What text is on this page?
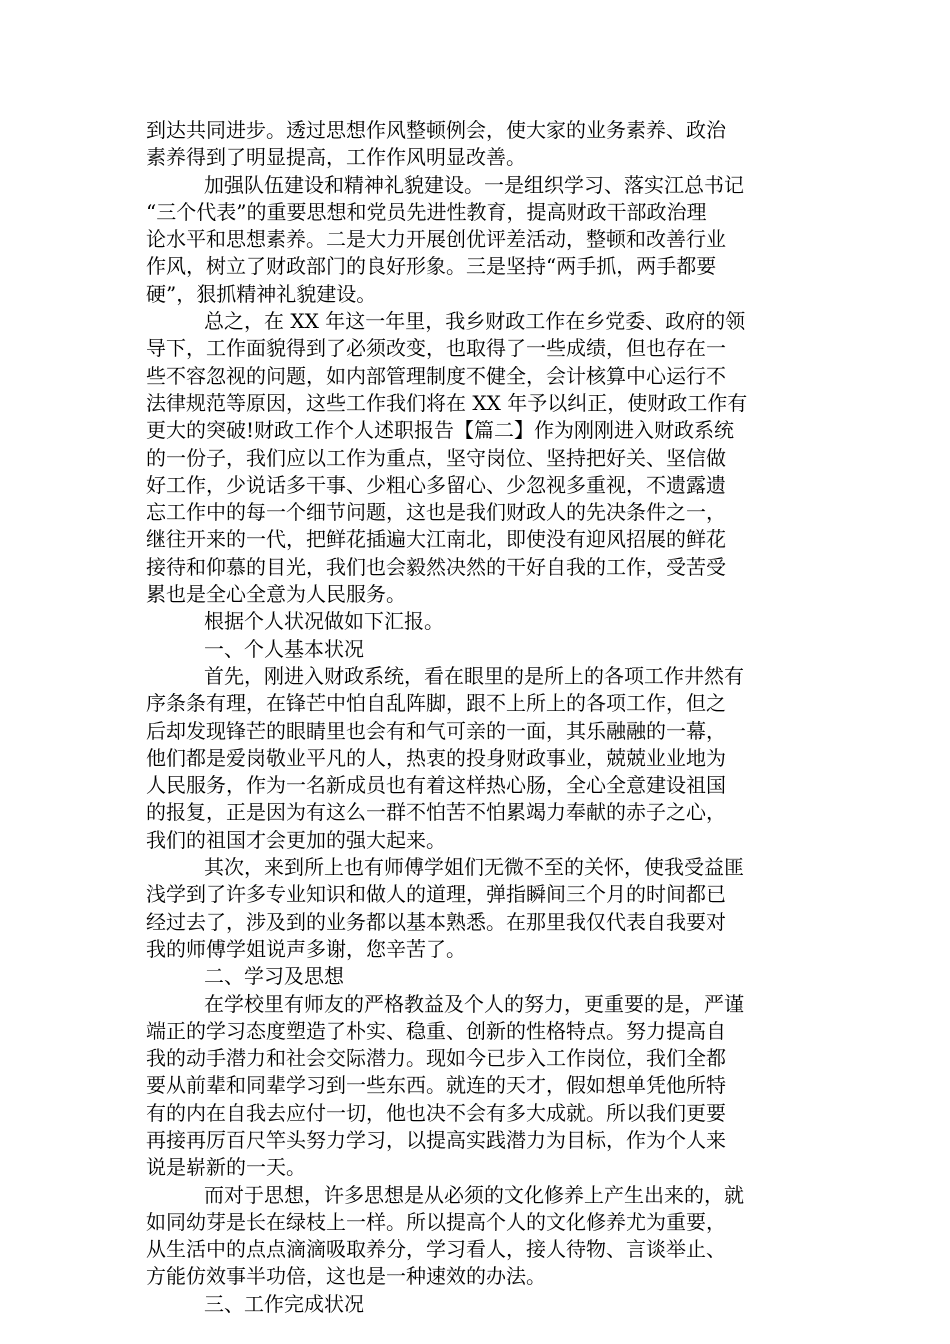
到达共同进步。透过思想作风整顿例会，使大家的业务素养、政治
素养得到了明显提高，工作作风明显改善。
加强队伍建设和精神礼貌建设。一是组织学习、落实江总书记
“三个代表”的重要思想和党员先进性教育，提高财政干部政治理
论水平和思想素养。二是大力开展创优评差活动，整顿和改善行业
作风，树立了财政部门的良好形象。三是坚持“两手抓，两手都要
硬”，狠抓精神礼貌建设。
总之，在 XX 年这一年里，我乡财政工作在乡党委、政府的领
导下，工作面貌得到了必须改变，也取得了一些成绩，但也存在一
些不容忽视的问题，如内部管理制度不健全，会计核算中心运行不
法律规范等原因，这些工作我们将在 XX 年予以纠正，使财政工作有
更大的突破!财政工作个人述职报告【篇二】作为刚刚进入财政系统
的一份子，我们应以工作为重点，坚守岗位、坚持把好关、坚信做
好工作，少说话多干事、少粗心多留心、少忽视多重视，不遗露遗
忘工作中的每一个细节问题，这也是我们财政人的先决条件之一，
继往开来的一代，把鲜花插遍大江南北，即使没有迎风招展的鲜花
接待和仰慕的目光，我们也会毅然决然的干好自我的工作，受苦受
累也是全心全意为人民服务。
根据个人状况做如下汇报。
一、个人基本状况
首先，刚进入财政系统，看在眼里的是所上的各项工作井然有
序条条有理，在锋芒中怕自乱阵脚，跟不上所上的各项工作，但之
后却发现锋芒的眼睛里也会有和气可亲的一面，其乐融融的一幕，
他们都是爱岗敬业平凡的人，热衷的投身财政事业，兢兢业业地为
人民服务，作为一名新成员也有着这样热心肠，全心全意建设祖国
的报复，正是因为有这么一群不怕苦不怕累竭力奉献的赤子之心，
我们的祖国才会更加的强大起来。
其次，来到所上也有师傅学姐们无微不至的关怀，使我受益匪
浅学到了许多专业知识和做人的道理，弹指瞬间三个月的时间都已
经过去了，涉及到的业务都以基本熟悉。在那里我仅代表自我要对
我的师傅学姐说声多谢，您辛苦了。
二、学习及思想
在学校里有师友的严格教益及个人的努力，更重要的是，严谨
端正的学习态度塑造了朴实、稳重、创新的性格特点。努力提高自
我的动手潜力和社会交际潜力。现如今已步入工作岗位，我们全都
要从前辈和同辈学习到一些东西。就连的天才，假如想单凭他所特
有的内在自我去应付一切，他也决不会有多大成就。所以我们更要
再接再厉百尺竿头努力学习，以提高实践潜力为目标，作为个人来
说是崭新的一天。
而对于思想，许多思想是从必须的文化修养上产生出来的，就
如同幼芽是长在绿枝上一样。所以提高个人的文化修养尤为重要，
从生活中的点点滴滴吸取养分，学习看人，接人待物、言谈举止、
方能仿效事半功倍，这也是一种速效的办法。
三、工作完成状况
